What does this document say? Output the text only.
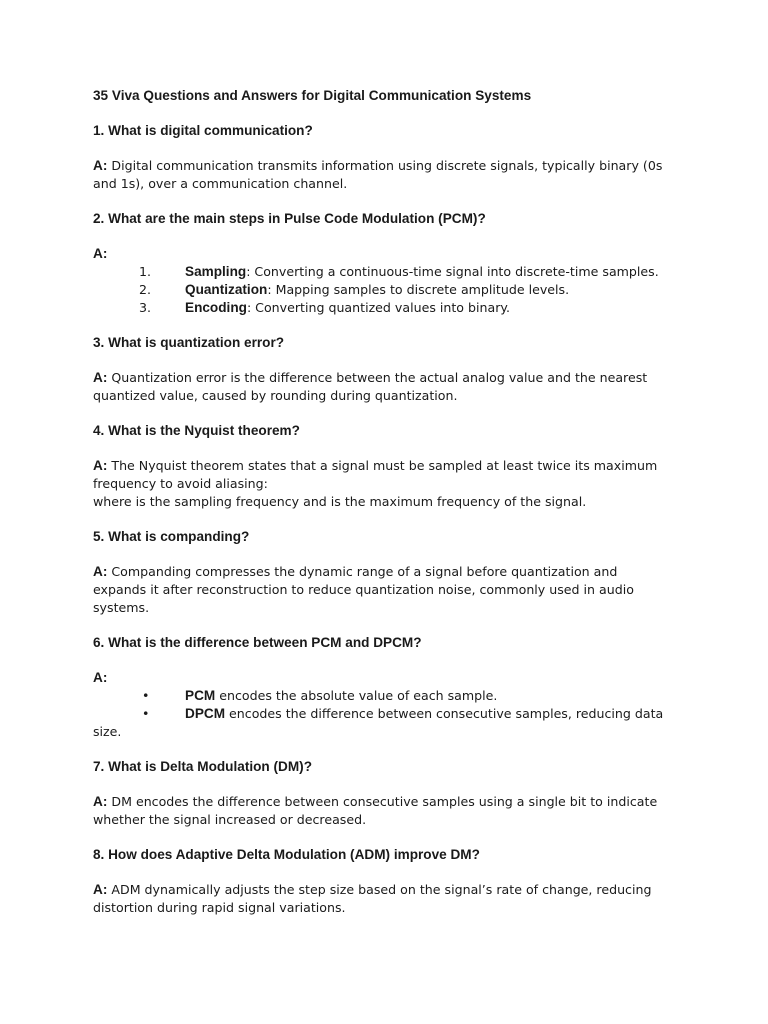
35 Viva Questions and Answers for Digital Communication Systems
1. What is digital communication?
A: Digital communication transmits information using discrete signals, typically binary (0s and 1s), over a communication channel.
2. What are the main steps in Pulse Code Modulation (PCM)?
A:
1.	Sampling: Converting a continuous-time signal into discrete-time samples.
2.	Quantization: Mapping samples to discrete amplitude levels.
3.	Encoding: Converting quantized values into binary.
3. What is quantization error?
A: Quantization error is the difference between the actual analog value and the nearest quantized value, caused by rounding during quantization.
4. What is the Nyquist theorem?
A: The Nyquist theorem states that a signal must be sampled at least twice its maximum frequency to avoid aliasing:
where is the sampling frequency and is the maximum frequency of the signal.
5. What is companding?
A: Companding compresses the dynamic range of a signal before quantization and expands it after reconstruction to reduce quantization noise, commonly used in audio systems.
6. What is the difference between PCM and DPCM?
A:
•	PCM encodes the absolute value of each sample.
•	DPCM encodes the difference between consecutive samples, reducing data
size.
7. What is Delta Modulation (DM)?
A: DM encodes the difference between consecutive samples using a single bit to indicate whether the signal increased or decreased.
8. How does Adaptive Delta Modulation (ADM) improve DM?
A: ADM dynamically adjusts the step size based on the signal’s rate of change, reducing distortion during rapid signal variations.
